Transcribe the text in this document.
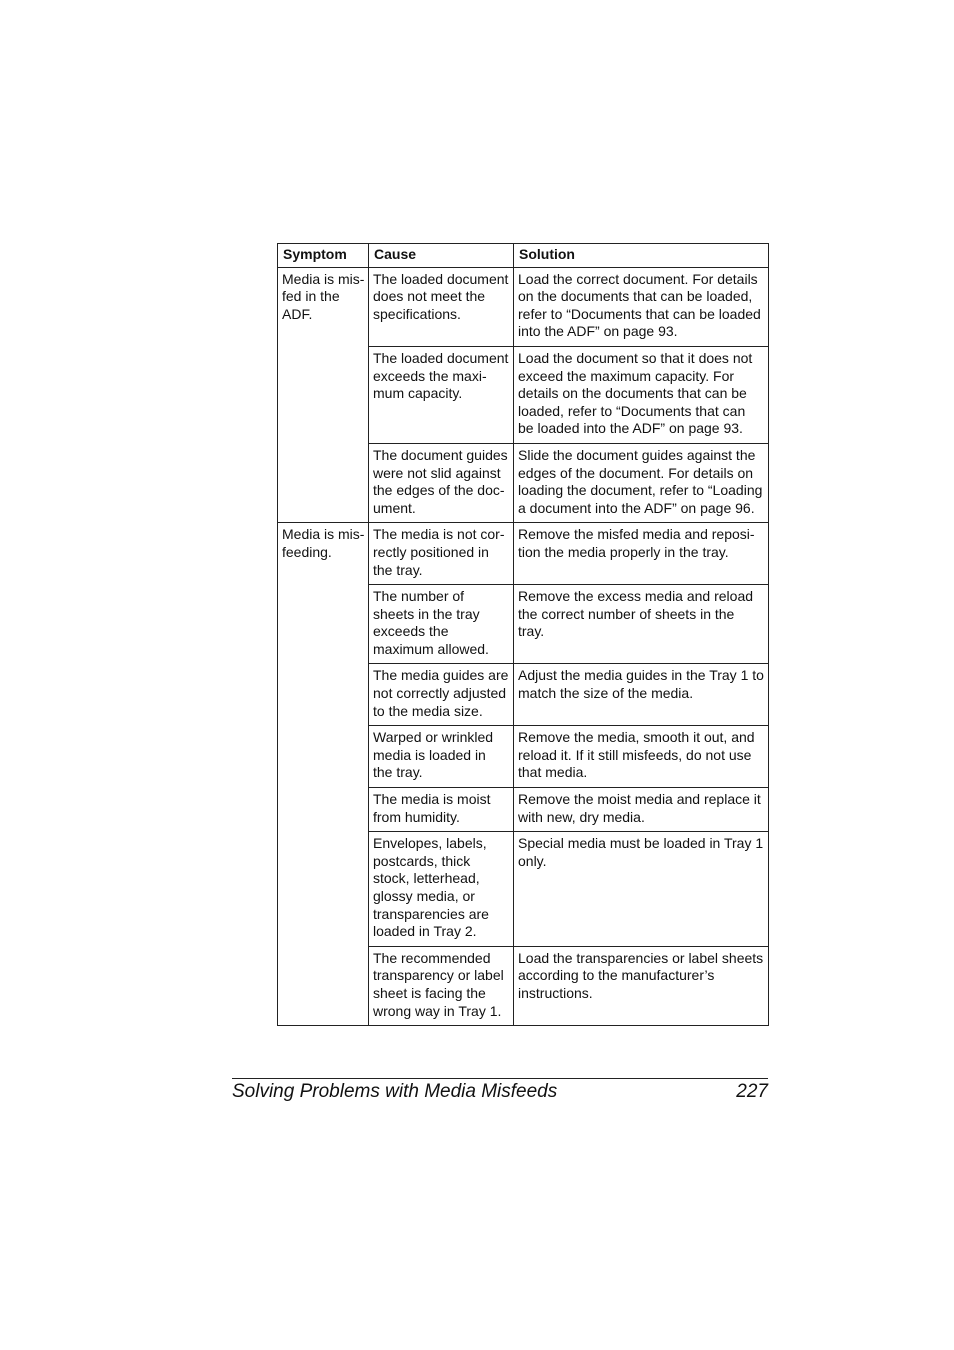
Symptom	Cause	Solution
Media is misfed in the ADF.	The loaded document does not meet the specifications.	Load the correct document. For details on the documents that can be loaded, refer to “Documents that can be loaded into the ADF” on page 93.
	The loaded document exceeds the maximum capacity.	Load the document so that it does not exceed the maximum capacity. For details on the documents that can be loaded, refer to “Documents that can be loaded into the ADF” on page 93.
	The document guides were not slid against the edges of the document.	Slide the document guides against the edges of the document. For details on loading the document, refer to “Loading a document into the ADF” on page 96.
Media is misfeeding.	The media is not correctly positioned in the tray.	Remove the misfed media and reposition the media properly in the tray.
	The number of sheets in the tray exceeds the maximum allowed.	Remove the excess media and reload the correct number of sheets in the tray.
	The media guides are not correctly adjusted to the media size.	Adjust the media guides in the Tray 1 to match the size of the media.
	Warped or wrinkled media is loaded in the tray.	Remove the media, smooth it out, and reload it. If it still misfeeds, do not use that media.
	The media is moist from humidity.	Remove the moist media and replace it with new, dry media.
	Envelopes, labels, postcards, thick stock, letterhead, glossy media, or transparencies are loaded in Tray 2.	Special media must be loaded in Tray 1 only.
	The recommended transparency or label sheet is facing the wrong way in Tray 1.	Load the transparencies or label sheets according to the manufacturer’s instructions.
Solving Problems with Media Misfeeds	227
